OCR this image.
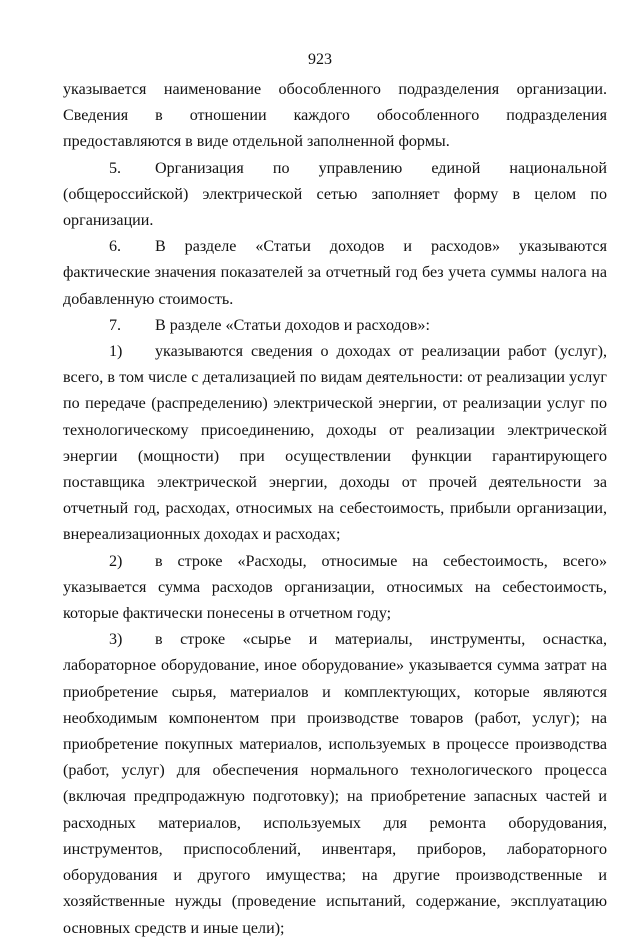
923

указывается наименование обособленного подразделения организации. Сведения в отношении каждого обособленного подразделения предоставляются в виде отдельной заполненной формы.

5. Организация по управлению единой национальной (общероссийской) электрической сетью заполняет форму в целом по организации.

6. В разделе «Статьи доходов и расходов» указываются фактические значения показателей за отчетный год без учета суммы налога на добавленную стоимость.

7. В разделе «Статьи доходов и расходов»:

1) указываются сведения о доходах от реализации работ (услуг), всего, в том числе с детализацией по видам деятельности: от реализации услуг по передаче (распределению) электрической энергии, от реализации услуг по технологическому присоединению, доходы от реализации электрической энергии (мощности) при осуществлении функции гарантирующего поставщика электрической энергии, доходы от прочей деятельности за отчетный год, расходах, относимых на себестоимость, прибыли организации, внереализационных доходах и расходах;

2) в строке «Расходы, относимые на себестоимость, всего» указывается сумма расходов организации, относимых на себестоимость, которые фактически понесены в отчетном году;

3) в строке «сырье и материалы, инструменты, оснастка, лабораторное оборудование, иное оборудование» указывается сумма затрат на приобретение сырья, материалов и комплектующих, которые являются необходимым компонентом при производстве товаров (работ, услуг); на приобретение покупных материалов, используемых в процессе производства (работ, услуг) для обеспечения нормального технологического процесса (включая предпродажную подготовку); на приобретение запасных частей и расходных материалов, используемых для ремонта оборудования, инструментов, приспособлений, инвентаря, приборов, лабораторного оборудования и другого имущества; на другие производственные и хозяйственные нужды (проведение испытаний, содержание, эксплуатацию основных средств и иные цели);
